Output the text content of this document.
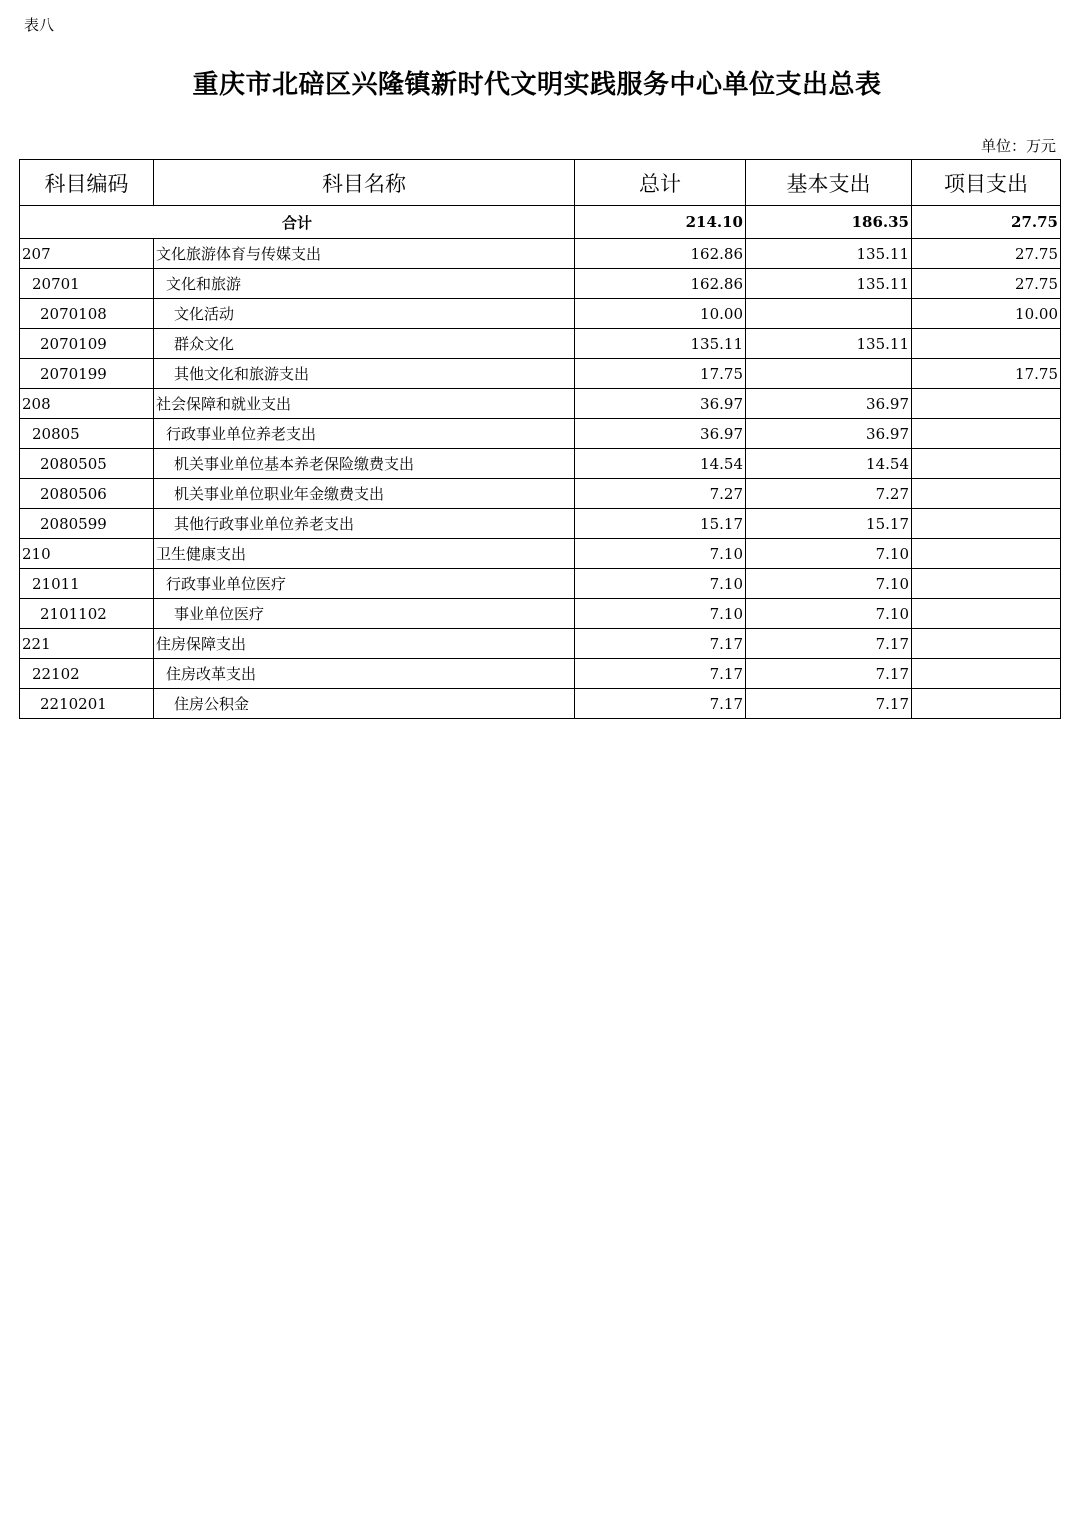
表八
重庆市北碚区兴隆镇新时代文明实践服务中心单位支出总表
单位：万元
科目编码	科目名称	总计	基本支出	项目支出
合计		214.10	186.35	27.75
207	文化旅游体育与传媒支出	162.86	135.11	27.75
20701	文化和旅游	162.86	135.11	27.75
2070108	文化活动	10.00		10.00
2070109	群众文化	135.11	135.11	
2070199	其他文化和旅游支出	17.75		17.75
208	社会保障和就业支出	36.97	36.97	
20805	行政事业单位养老支出	36.97	36.97	
2080505	机关事业单位基本养老保险缴费支出	14.54	14.54	
2080506	机关事业单位职业年金缴费支出	7.27	7.27	
2080599	其他行政事业单位养老支出	15.17	15.17	
210	卫生健康支出	7.10	7.10	
21011	行政事业单位医疗	7.10	7.10	
2101102	事业单位医疗	7.10	7.10	
221	住房保障支出	7.17	7.17	
22102	住房改革支出	7.17	7.17	
2210201	住房公积金	7.17	7.17	
